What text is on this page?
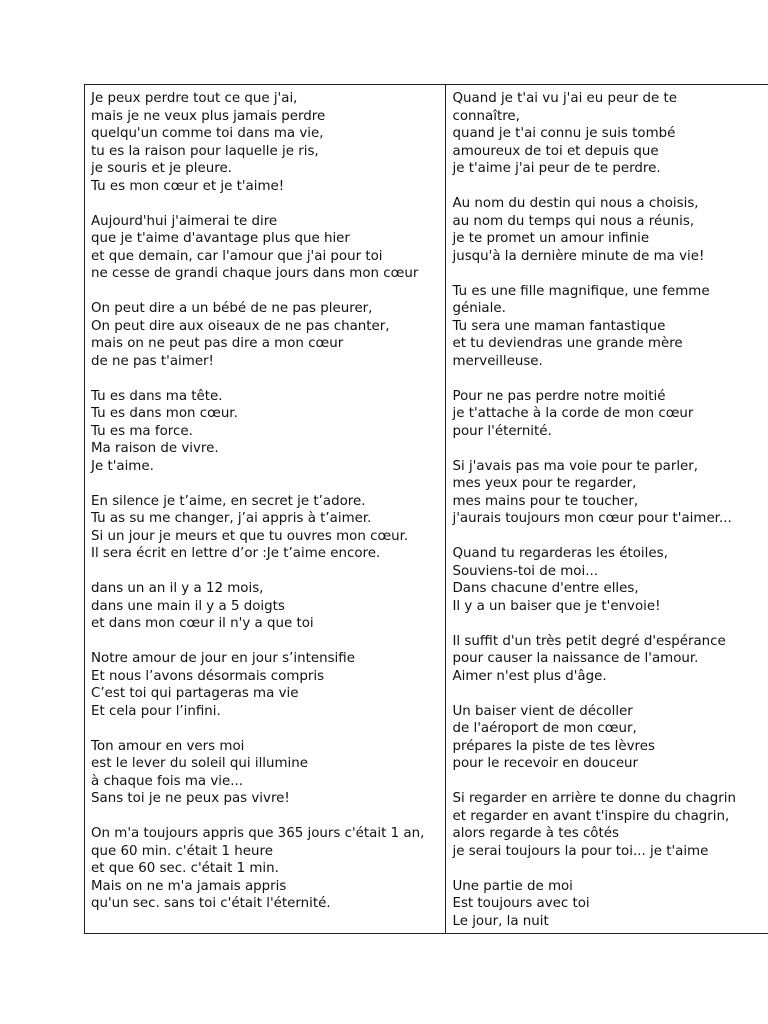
Je peux perdre tout ce que j'ai,
mais je ne veux plus jamais perdre
quelqu'un comme toi dans ma vie,
tu es la raison pour laquelle je ris,
je souris et je pleure.
Tu es mon cœur et je t'aime!
Aujourd'hui j'aimerai te dire
que je t'aime d'avantage plus que hier
et que demain, car l'amour que j'ai pour toi
ne cesse de grandi chaque jours dans mon cœur
On peut dire a un bébé de ne pas pleurer,
On peut dire aux oiseaux de ne pas chanter,
mais on ne peut pas dire a mon cœur
de ne pas t'aimer!
Tu es dans ma tête.
Tu es dans mon cœur.
Tu es ma force.
Ma raison de vivre.
Je t'aime.
En silence je t’aime, en secret je t’adore.
Tu as su me changer, j’ai appris à t’aimer.
Si un jour je meurs et que tu ouvres mon cœur.
Il sera écrit en lettre d’or :Je t’aime encore.
dans un an il y a 12 mois,
dans une main il y a 5 doigts
et dans mon cœur il n'y a que toi
Notre amour de jour en jour s’intensifie
Et nous l’avons désormais compris
C’est toi qui partageras ma vie
Et cela pour l’infini.
Ton amour en vers moi
est le lever du soleil qui illumine
à chaque fois ma vie...
Sans toi je ne peux pas vivre!
On m'a toujours appris que 365 jours c'était 1 an,
que 60 min. c'était 1 heure
et que 60 sec. c'était 1 min.
Mais on ne m'a jamais appris
qu'un sec. sans toi c'était l'éternité.
Quand je t'ai vu j'ai eu peur de te
connaître,
quand je t'ai connu je suis tombé
amoureux de toi et depuis que
je t'aime j'ai peur de te perdre.
Au nom du destin qui nous a choisis,
au nom du temps qui nous a réunis,
je te promet un amour infinie
jusqu'à la dernière minute de ma vie!
Tu es une fille magnifique, une femme
géniale.
Tu sera une maman fantastique
et tu deviendras une grande mère
merveilleuse.
Pour ne pas perdre notre moitié
je t'attache à la corde de mon cœur
pour l'éternité.
Si j'avais pas ma voie pour te parler,
mes yeux pour te regarder,
mes mains pour te toucher,
j'aurais toujours mon cœur pour t'aimer...
Quand tu regarderas les étoiles,
Souviens-toi de moi...
Dans chacune d'entre elles,
Il y a un baiser que je t'envoie!
Il suffit d'un très petit degré d'espérance
pour causer la naissance de l'amour.
Aimer n'est plus d'âge.
Un baiser vient de décoller
de l'aéroport de mon cœur,
prépares la piste de tes lèvres
pour le recevoir en douceur
Si regarder en arrière te donne du chagrin
et regarder en avant t'inspire du chagrin,
alors regarde à tes côtés
je serai toujours la pour toi... je t'aime
Une partie de moi
Est toujours avec toi
Le jour, la nuit
